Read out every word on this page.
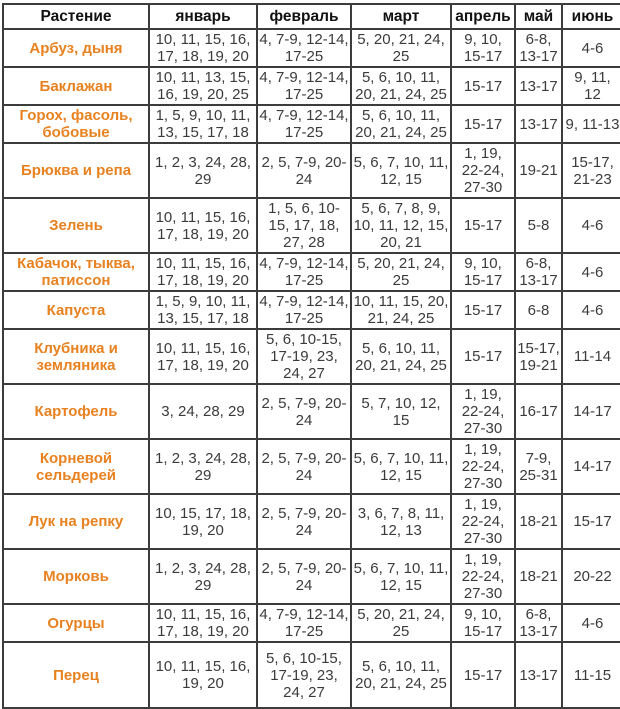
Растение	январь	февраль	март	апрель	май	июнь
Арбуз, дыня	10, 11, 15, 16, 17, 18, 19, 20	4, 7-9, 12-14, 17-25	5, 20, 21, 24, 25	9, 10, 15-17	6-8, 13-17	4-6
Баклажан	10, 11, 13, 15, 16, 19, 20, 25	4, 7-9, 12-14, 17-25	5, 6, 10, 11, 20, 21, 24, 25	15-17	13-17	9, 11, 12
Горох, фасоль, бобовые	1, 5, 9, 10, 11, 13, 15, 17, 18	4, 7-9, 12-14, 17-25	5, 6, 10, 11, 20, 21, 24, 25	15-17	13-17	9, 11-13
Брюква и репа	1, 2, 3, 24, 28, 29	2, 5, 7-9, 20-24	5, 6, 7, 10, 11, 12, 15	1, 19, 22-24, 27-30	19-21	15-17, 21-23
Зелень	10, 11, 15, 16, 17, 18, 19, 20	1, 5, 6, 10-15, 17, 18, 27, 28	5, 6, 7, 8, 9, 10, 11, 12, 15, 20, 21	15-17	5-8	4-6
Кабачок, тыква, патиссон	10, 11, 15, 16, 17, 18, 19, 20	4, 7-9, 12-14, 17-25	5, 20, 21, 24, 25	9, 10, 15-17	6-8, 13-17	4-6
Капуста	1, 5, 9, 10, 11, 13, 15, 17, 18	4, 7-9, 12-14, 17-25	10, 11, 15, 20, 21, 24, 25	15-17	6-8	4-6
Клубника и земляника	10, 11, 15, 16, 17, 18, 19, 20	5, 6, 10-15, 17-19, 23, 24, 27	5, 6, 10, 11, 20, 21, 24, 25	15-17	15-17, 19-21	11-14
Картофель	3, 24, 28, 29	2, 5, 7-9, 20-24	5, 7, 10, 12, 15	1, 19, 22-24, 27-30	16-17	14-17
Корневой сельдерей	1, 2, 3, 24, 28, 29	2, 5, 7-9, 20-24	5, 6, 7, 10, 11, 12, 15	1, 19, 22-24, 27-30	7-9, 25-31	14-17
Лук на репку	10, 15, 17, 18, 19, 20	2, 5, 7-9, 20-24	3, 6, 7, 8, 11, 12, 13	1, 19, 22-24, 27-30	18-21	15-17
Морковь	1, 2, 3, 24, 28, 29	2, 5, 7-9, 20-24	5, 6, 7, 10, 11, 12, 15	1, 19, 22-24, 27-30	18-21	20-22
Огурцы	10, 11, 15, 16, 17, 18, 19, 20	4, 7-9, 12-14, 17-25	5, 20, 21, 24, 25	9, 10, 15-17	6-8, 13-17	4-6
Перец	10, 11, 15, 16, 19, 20	5, 6, 10-15, 17-19, 23, 24, 27	5, 6, 10, 11, 20, 21, 24, 25	15-17	13-17	11-15
